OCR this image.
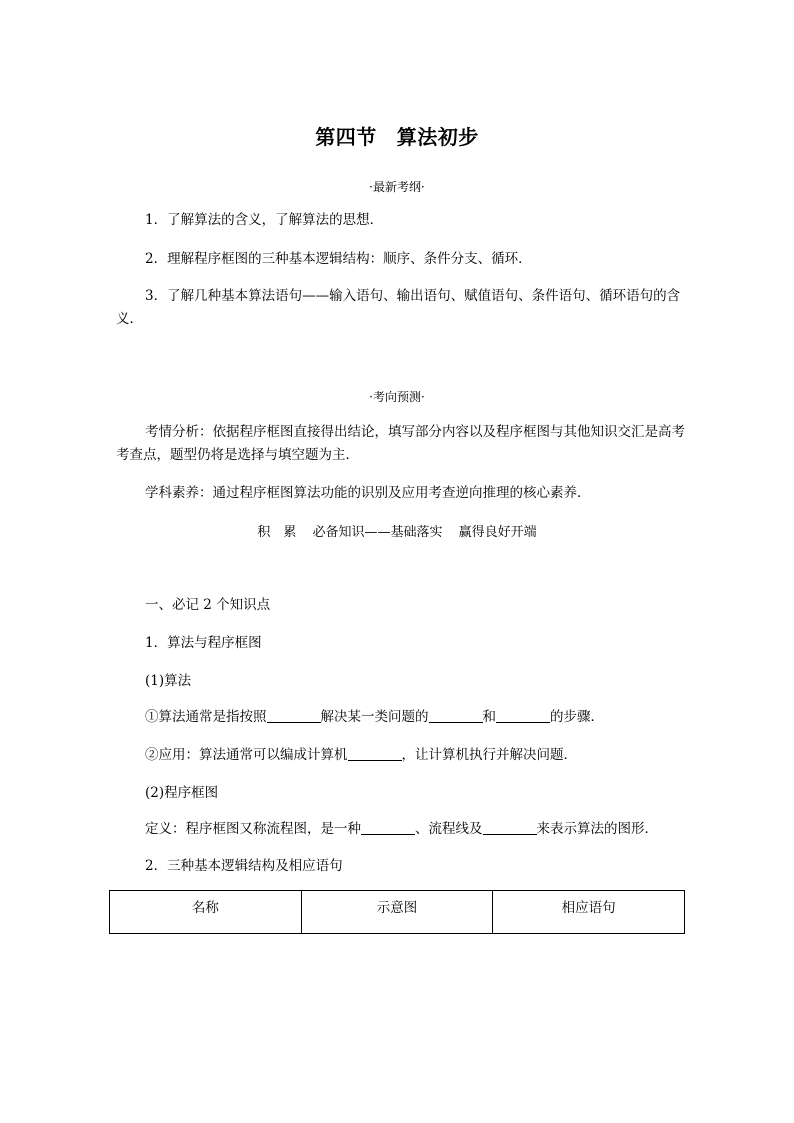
第四节 算法初步
·最新考纲·
1．了解算法的含义，了解算法的思想．
2．理解程序框图的三种基本逻辑结构：顺序、条件分支、循环．
3．了解几种基本算法语句——输入语句、输出语句、赋值语句、条件语句、循环语句的含义．
·考向预测·
考情分析：依据程序框图直接得出结论，填写部分内容以及程序框图与其他知识交汇是高考考查点，题型仍将是选择与填空题为主．
学科素养：通过程序框图算法功能的识别及应用考查逆向推理的核心素养．
积　累 必备知识——基础落实 赢得良好开端
一、必记 2 个知识点
1．算法与程序框图
(1)算法
①算法通常是指按照	解决某一类问题的	和	的步骤．
②应用：算法通常可以编成计算机	，让计算机执行并解决问题．
(2)程序框图
定义：程序框图又称流程图，是一种	、流程线及	来表示算法的图形．
2．三种基本逻辑结构及相应语句
名称	示意图	相应语句
